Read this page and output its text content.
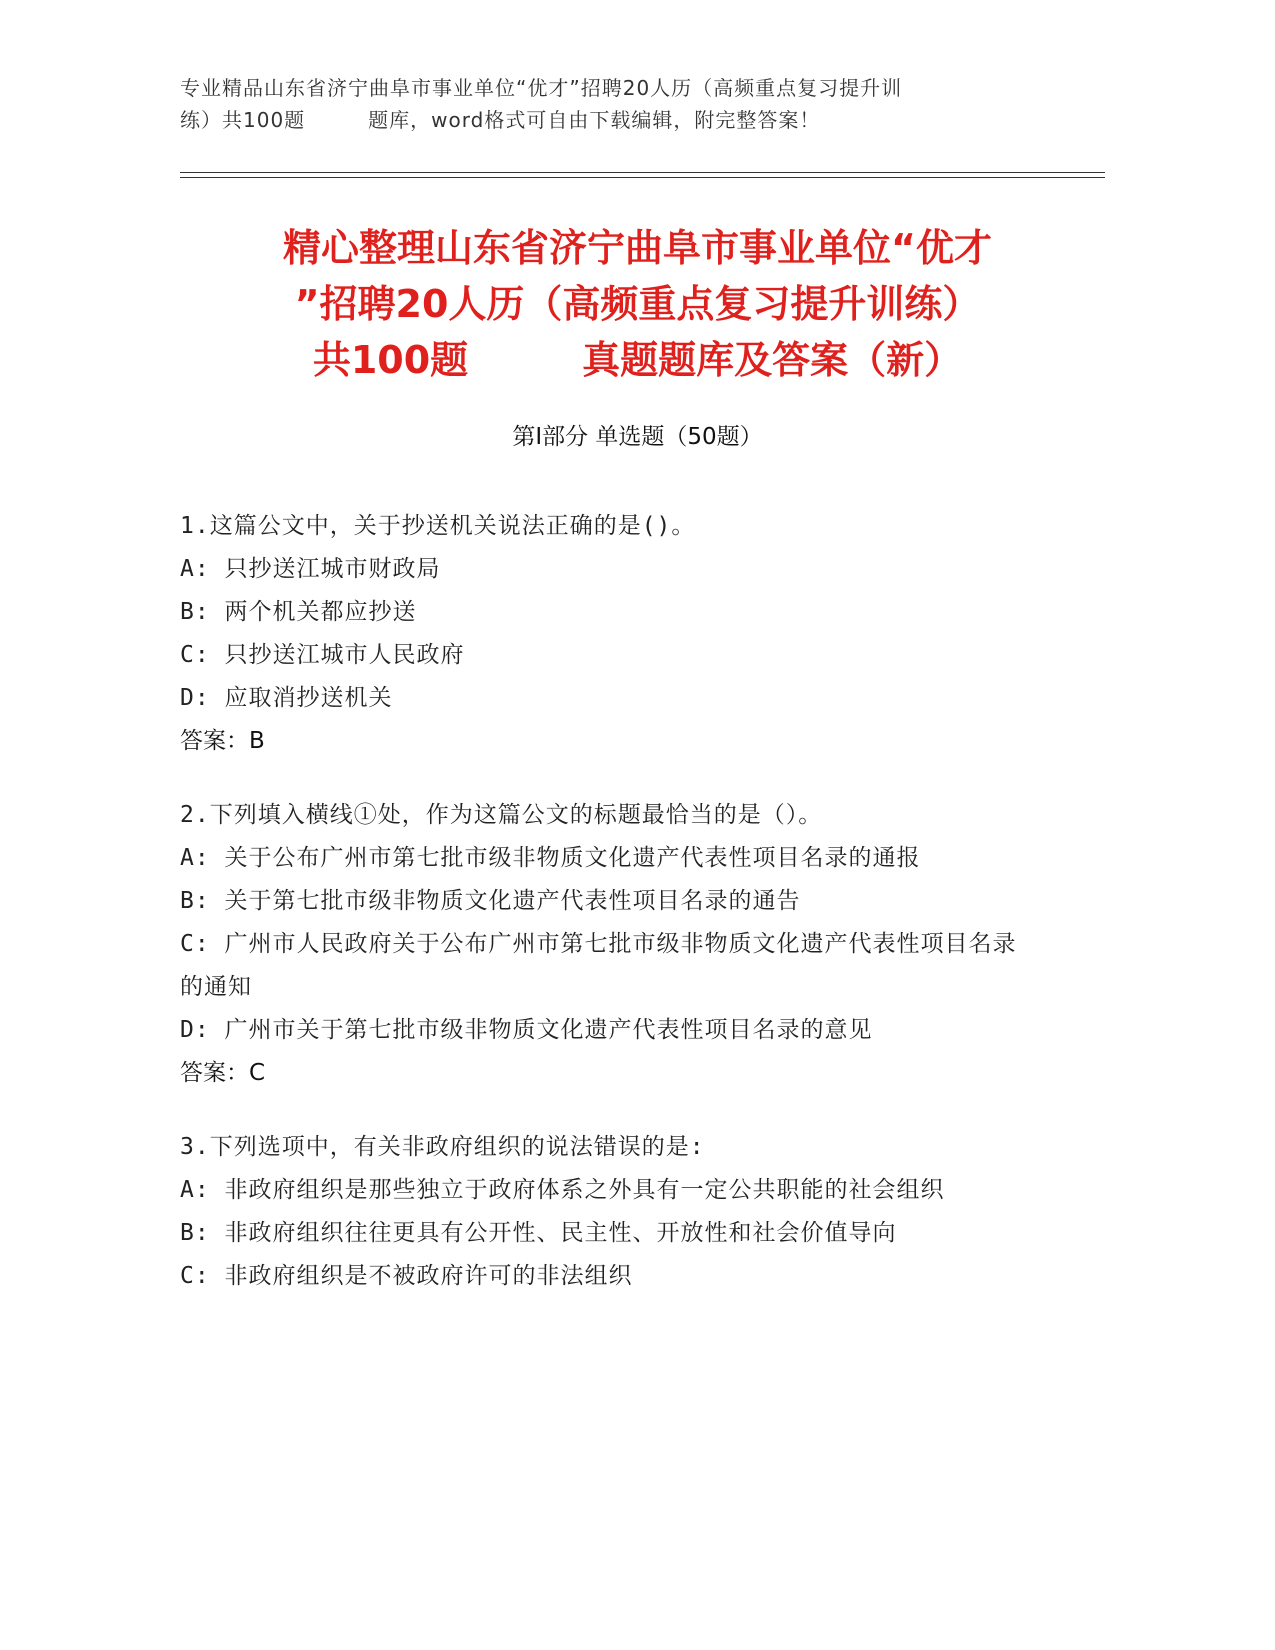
专业精品山东省济宁曲阜市事业单位“优才”招聘20人历（高频重点复习提升训
练）共100题　　　题库，word格式可自由下载编辑，附完整答案！
精心整理山东省济宁曲阜市事业单位“优才
”招聘20人历（高频重点复习提升训练）
共100题　　　真题题库及答案（新）
第Ⅰ部分 单选题（50题）
1.这篇公文中，关于抄送机关说法正确的是()。
A: 只抄送江城市财政局
B: 两个机关都应抄送
C: 只抄送江城市人民政府
D: 应取消抄送机关
答案：B
2.下列填入横线①处，作为这篇公文的标题最恰当的是（）。
A: 关于公布广州市第七批市级非物质文化遗产代表性项目名录的通报
B: 关于第七批市级非物质文化遗产代表性项目名录的通告
C: 广州市人民政府关于公布广州市第七批市级非物质文化遗产代表性项目名录的通知
D: 广州市关于第七批市级非物质文化遗产代表性项目名录的意见
答案：C
3.下列选项中，有关非政府组织的说法错误的是:
A: 非政府组织是那些独立于政府体系之外具有一定公共职能的社会组织
B: 非政府组织往往更具有公开性、民主性、开放性和社会价值导向
C: 非政府组织是不被政府许可的非法组织
